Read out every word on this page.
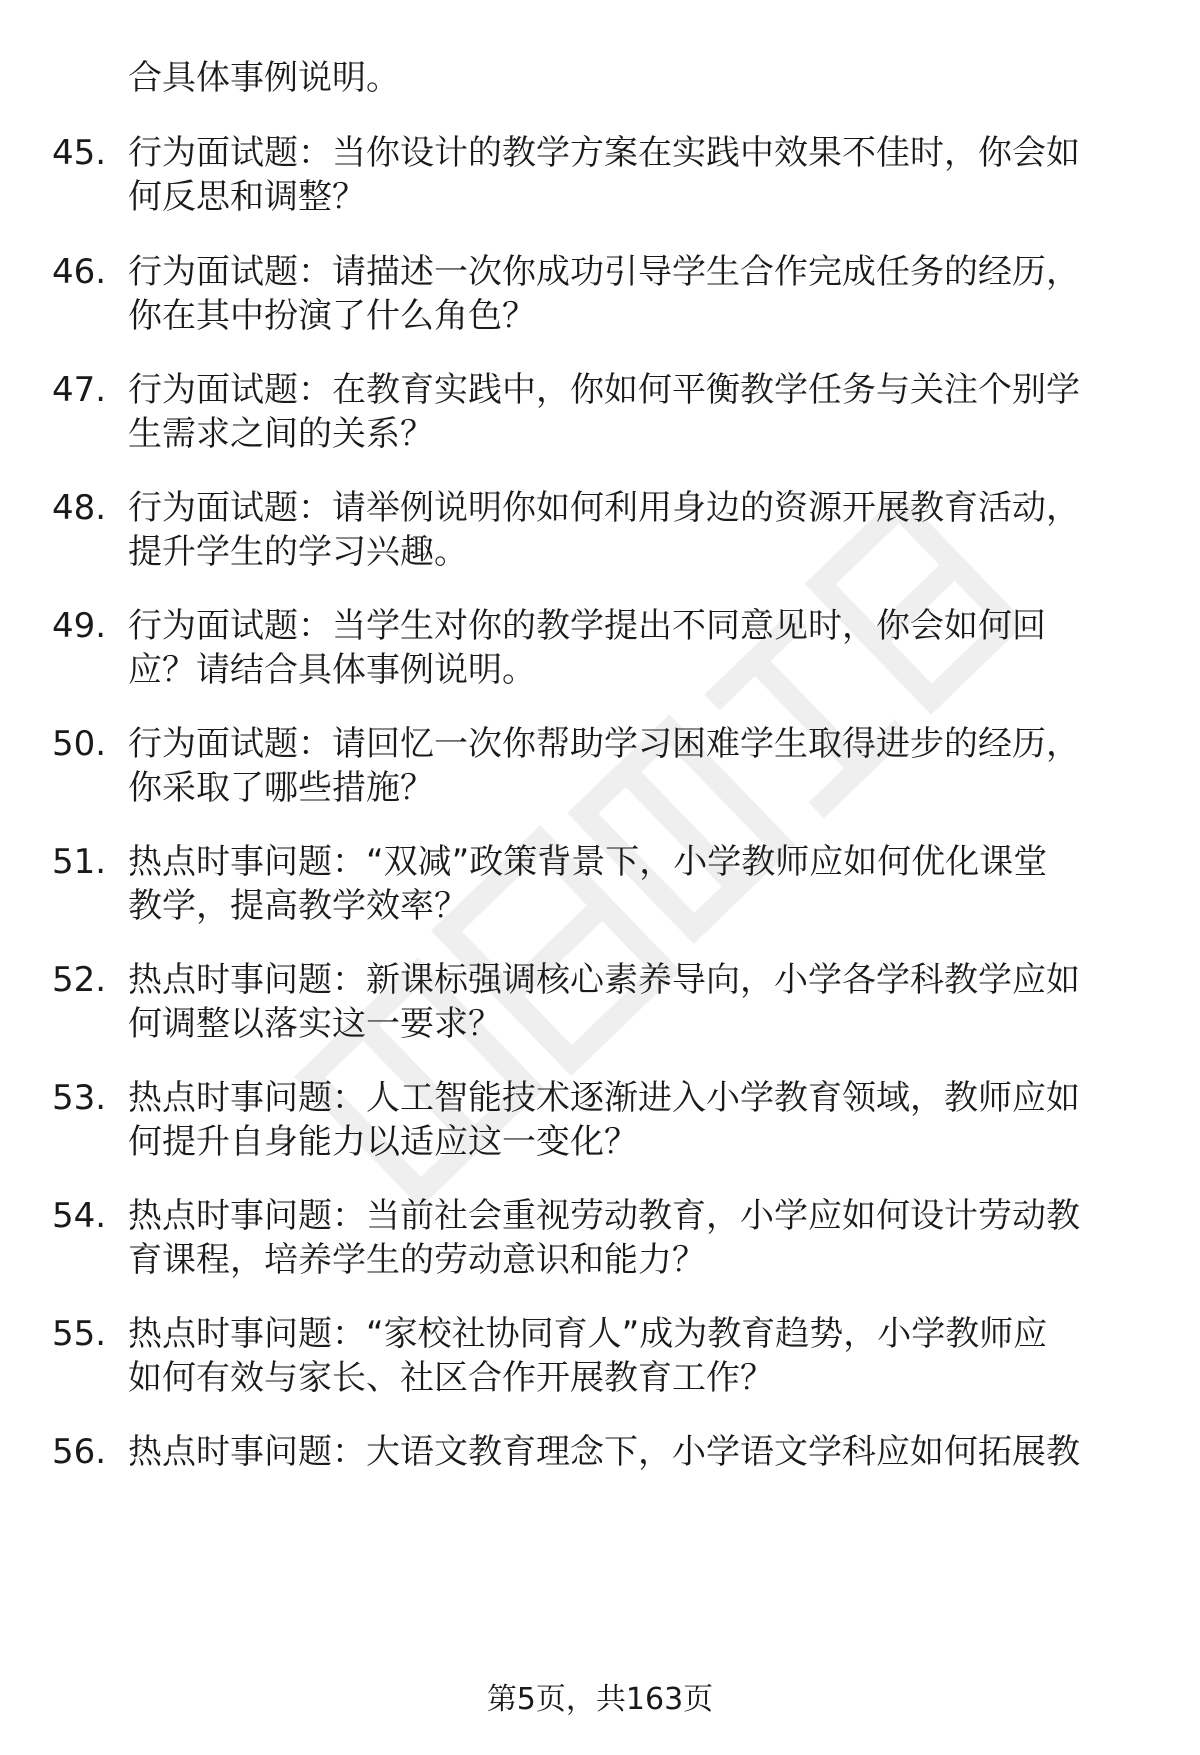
合具体事例说明。
45. 行为面试题：当你设计的教学方案在实践中效果不佳时，你会如
何反思和调整？
46. 行为面试题：请描述一次你成功引导学生合作完成任务的经历，
你在其中扮演了什么角色？
47. 行为面试题：在教育实践中，你如何平衡教学任务与关注个别学
生需求之间的关系？
48. 行为面试题：请举例说明你如何利用身边的资源开展教育活动，
提升学生的学习兴趣。
49. 行为面试题：当学生对你的教学提出不同意见时，你会如何回
应？请结合具体事例说明。
50. 行为面试题：请回忆一次你帮助学习困难学生取得进步的经历，
你采取了哪些措施？
51. 热点时事问题：“双减”政策背景下，小学教师应如何优化课堂
教学，提高教学效率？
52. 热点时事问题：新课标强调核心素养导向，小学各学科教学应如
何调整以落实这一要求？
53. 热点时事问题：人工智能技术逐渐进入小学教育领域，教师应如
何提升自身能力以适应这一变化？
54. 热点时事问题：当前社会重视劳动教育，小学应如何设计劳动教
育课程，培养学生的劳动意识和能力？
55. 热点时事问题：“家校社协同育人”成为教育趋势，小学教师应
如何有效与家长、社区合作开展教育工作？
56. 热点时事问题：大语文教育理念下，小学语文学科应如何拓展教
第5页，共163页
